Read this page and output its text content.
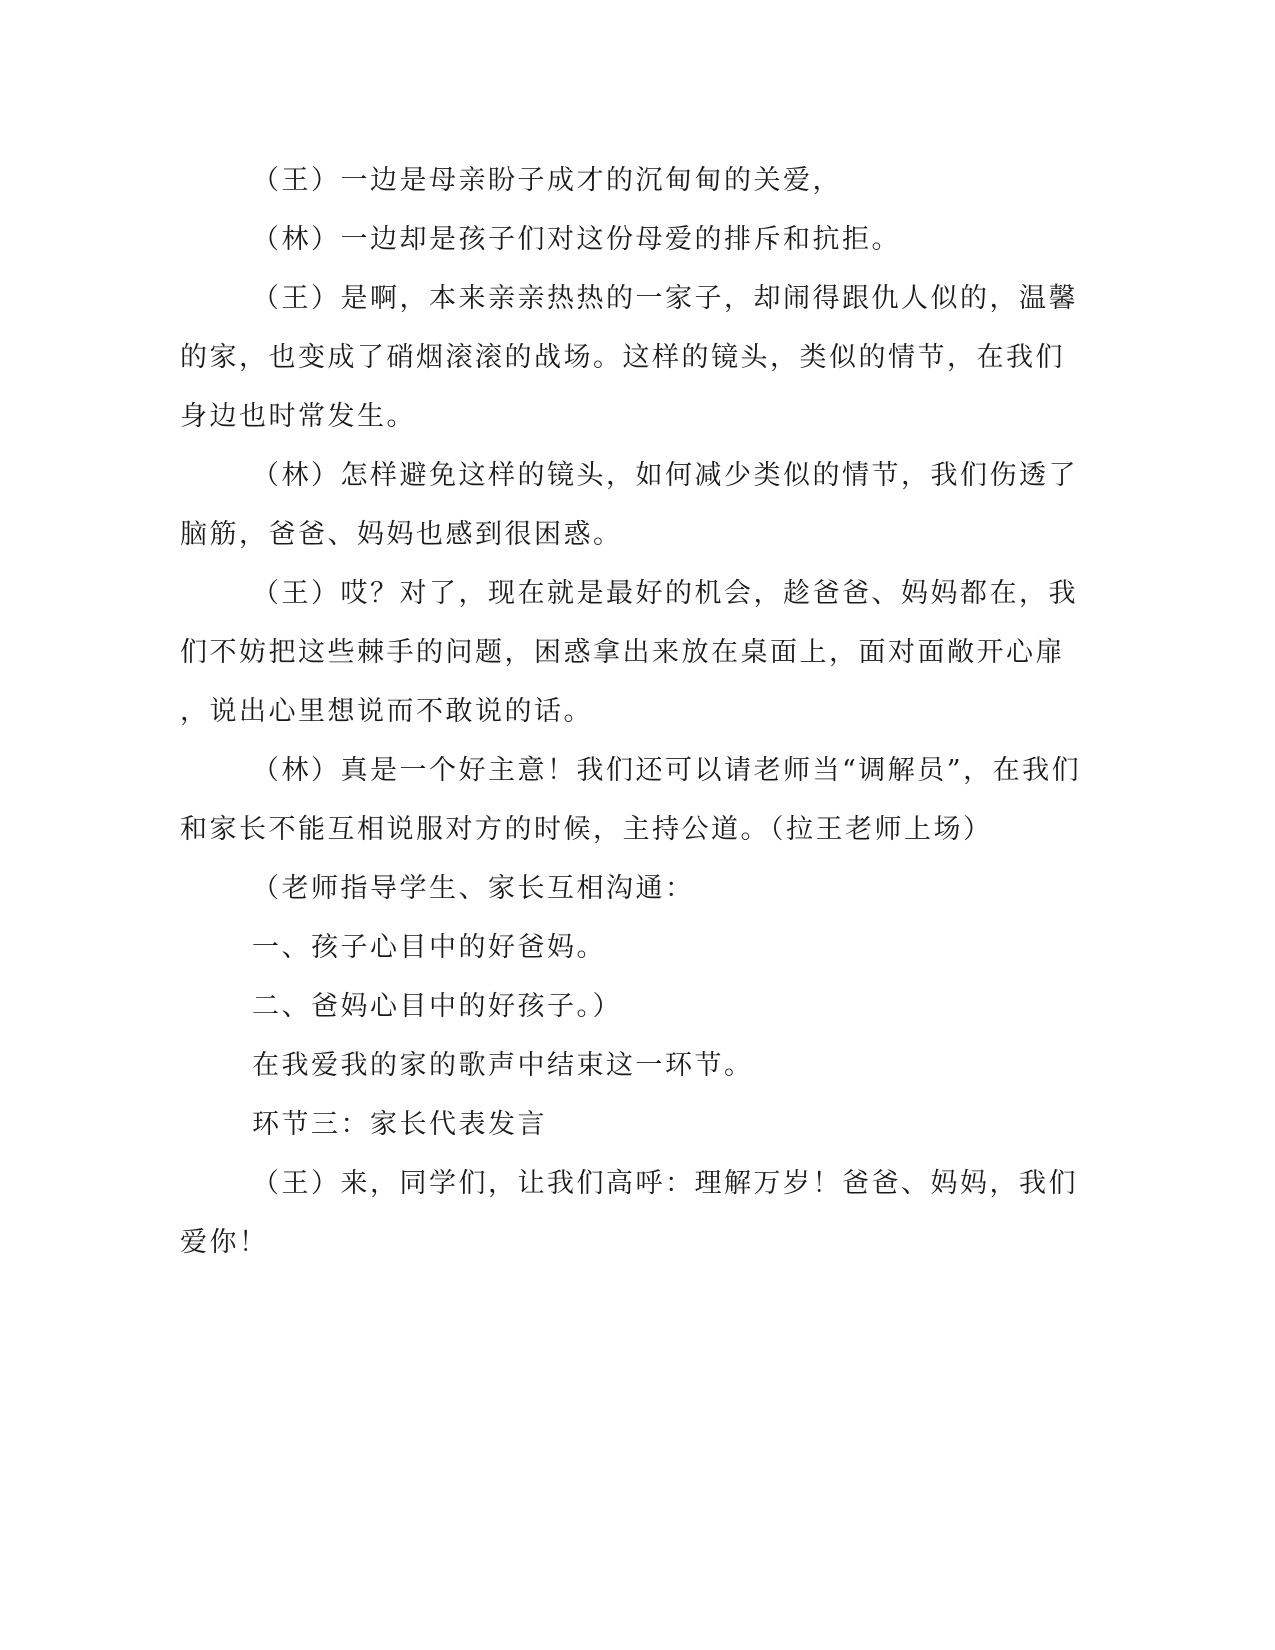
（王）一边是母亲盼子成才的沉甸甸的关爱，
（林）一边却是孩子们对这份母爱的排斥和抗拒。
（王）是啊，本来亲亲热热的一家子，却闹得跟仇人似的，温馨
的家，也变成了硝烟滚滚的战场。这样的镜头，类似的情节，在我们
身边也时常发生。
（林）怎样避免这样的镜头，如何减少类似的情节，我们伤透了
脑筋，爸爸、妈妈也感到很困惑。
（王）哎？对了，现在就是最好的机会，趁爸爸、妈妈都在，我
们不妨把这些棘手的问题，困惑拿出来放在桌面上，面对面敞开心扉
，说出心里想说而不敢说的话。
（林）真是一个好主意！我们还可以请老师当“调解员”，在我们
和家长不能互相说服对方的时候，主持公道。（拉王老师上场）
（老师指导学生、家长互相沟通：
一、孩子心目中的好爸妈。
二、爸妈心目中的好孩子。）
在我爱我的家的歌声中结束这一环节。
环节三：家长代表发言
（王）来，同学们，让我们高呼：理解万岁！爸爸、妈妈，我们
爱你！
